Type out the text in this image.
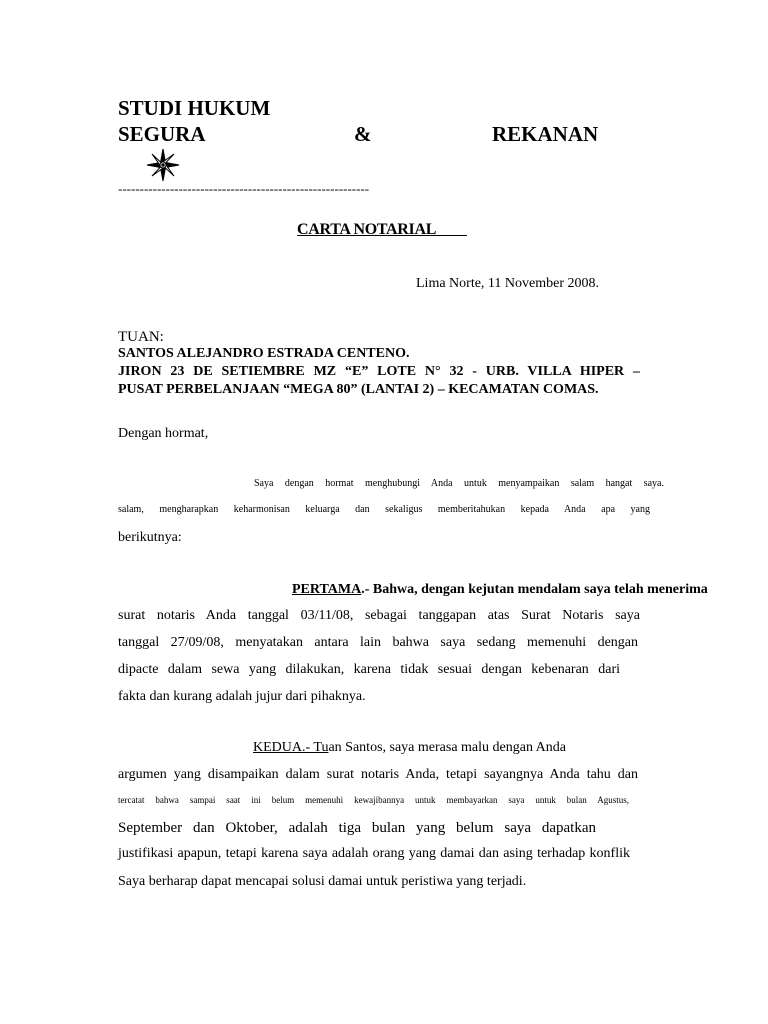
STUDI HUKUM
SEGURA	&	REKANAN
----------------------------------------------------------
CARTA NOTARIAL    
Lima Norte, 11 November 2008.
TUAN:
SANTOS ALEJANDRO ESTRADA CENTENO.
JIRON 23 DE SETIEMBRE MZ “E” LOTE N° 32 - URB. VILLA HIPER –
PUSAT PERBELANJAAN “MEGA 80” (LANTAI 2) – KECAMATAN COMAS.
Dengan hormat,
Saya dengan hormat menghubungi Anda untuk menyampaikan salam hangat saya.
salam, mengharapkan keharmonisan keluarga dan sekaligus memberitahukan kepada Anda apa yang
berikutnya:
PERTAMA.- Bahwa, dengan kejutan mendalam saya telah menerima
surat notaris Anda tanggal 03/11/08, sebagai tanggapan atas Surat Notaris saya
tanggal 27/09/08, menyatakan antara lain bahwa saya sedang memenuhi dengan
dipacte dalam sewa yang dilakukan, karena tidak sesuai dengan kebenaran dari
fakta dan kurang adalah jujur dari pihaknya.
KEDUA.- Tuan Santos, saya merasa malu dengan Anda
argumen yang disampaikan dalam surat notaris Anda, tetapi sayangnya Anda tahu dan
tercatat bahwa sampai saat ini belum memenuhi kewajibannya untuk membayarkan saya untuk bulan Agustus,
September dan Oktober, adalah tiga bulan yang belum saya dapatkan
justifikasi apapun, tetapi karena saya adalah orang yang damai dan asing terhadap konflik
Saya berharap dapat mencapai solusi damai untuk peristiwa yang terjadi.
